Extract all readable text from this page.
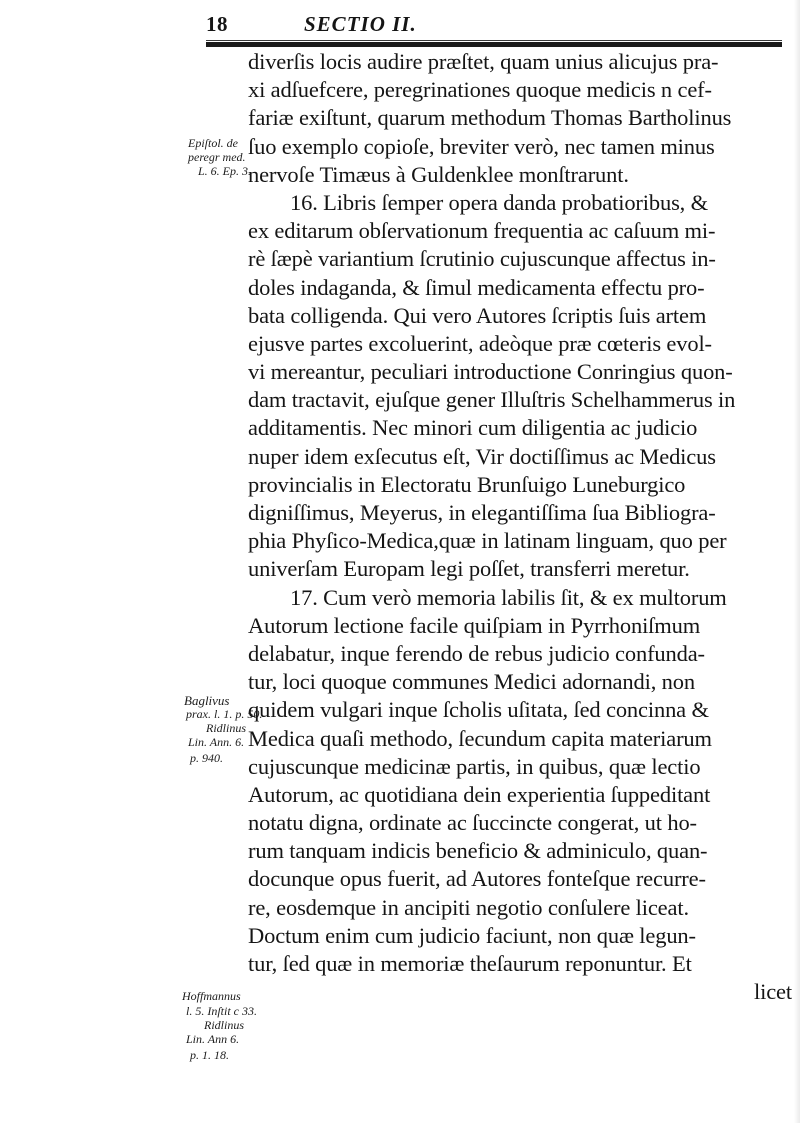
18	SECTIO II.
diverſis locis audire præſtet, quam unius alicujus pra-
xi adſuefcere, peregrinationes quoque medicis n cef-
fariæ exiſtunt, quarum methodum Thomas Bartholinus
ſuo exemplo copioſe, breviter verò, nec tamen minus
nervoſe Timæus à Guldenklee monſtrarunt.
16. Libris ſemper opera danda probatioribus, &
ex editarum obſervationum frequentia ac caſuum mi-
rè ſæpè variantium ſcrutinio cujuscunque affectus in-
doles indaganda, & ſimul medicamenta effectu pro-
bata colligenda. Qui vero Autores ſcriptis ſuis artem
ejusve partes excoluerint, adeòque præ cœteris evol-
vi mereantur, peculiari introductione Conringius quon-
dam tractavit, ejuſque gener Illuſtris Schelhammerus in
additamentis. Nec minori cum diligentia ac judicio
nuper idem exſecutus eſt, Vir doctiſſimus ac Medicus
provincialis in Electoratu Brunſuigo Luneburgico
digniſſimus, Meyerus, in elegantiſſima ſua Bibliogra-
phia Phyſico-Medica,quæ in latinam linguam, quo per
univerſam Europam legi poſſet, transferri meretur.
17. Cum verò memoria labilis ſit, & ex multorum
Autorum lectione facile quiſpiam in Pyrrhoniſmum
delabatur, inque ferendo de rebus judicio confunda-
tur, loci quoque communes Medici adornandi, non
quidem vulgari inque ſcholis uſitata, ſed concinna &
Medica quaſi methodo, ſecundum capita materiarum
cujuscunque medicinæ partis, in quibus, quæ lectio
Autorum, ac quotidiana dein experientia ſuppeditant
notatu digna, ordinate ac ſuccincte congerat, ut ho-
rum tanquam indicis beneficio & adminiculo, quan-
docunque opus fuerit, ad Autores fonteſque recurre-
re, eosdemque in ancipiti negotio conſulere liceat.
Doctum enim cum judicio faciunt, non quæ legun-
tur, ſed quæ in memoriæ theſaurum reponuntur. Et
licet
Epiſtol. de
peregr med.
L. 6. Ep. 3.
Baglivus
prax. l. 1. p. 50.
Ridlinus
Lin. Ann. 6.
p. 940.
Hoffmannus
l. 5. Inſtit c 33.
Ridlinus
Lin. Ann 6.
p. 1. 18.
